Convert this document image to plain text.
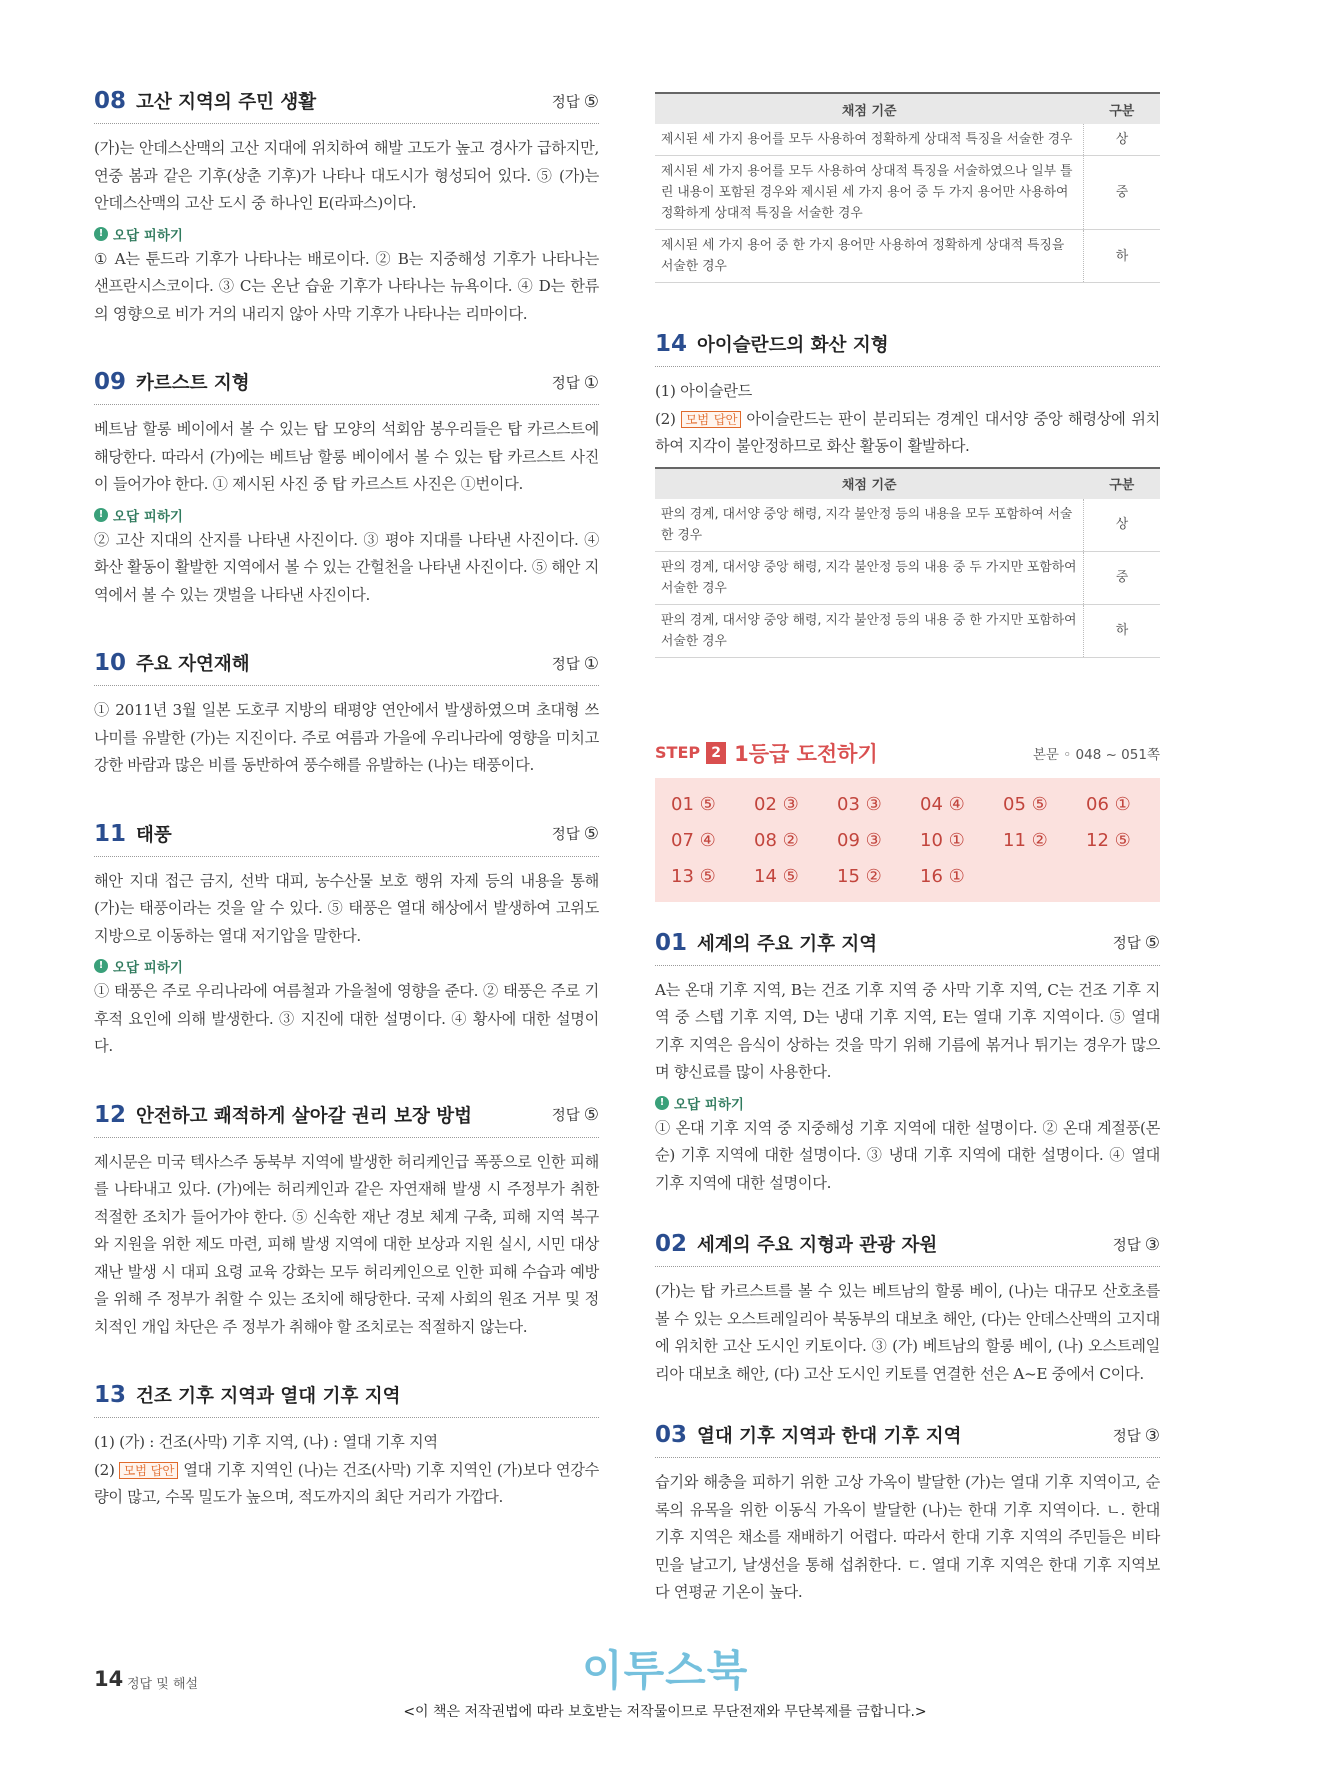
08 고산 지역의 주민 생활	정답 ⑤

(가)는 안데스산맥의 고산 지대에 위치하여 해발 고도가 높고 경사가 급하지만, 연중 봄과 같은 기후(상춘 기후)가 나타나 대도시가 형성되어 있다. ⑤ (가)는 안데스산맥의 고산 도시 중 하나인 E(라파스)이다.

! 오답 피하기

① A는 툰드라 기후가 나타나는 배로이다. ② B는 지중해성 기후가 나타나는 샌프란시스코이다. ③ C는 온난 습윤 기후가 나타나는 뉴욕이다. ④ D는 한류의 영향으로 비가 거의 내리지 않아 사막 기후가 나타나는 리마이다.

09 카르스트 지형	정답 ①

베트남 할롱 베이에서 볼 수 있는 탑 모양의 석회암 봉우리들은 탑 카르스트에 해당한다. 따라서 (가)에는 베트남 할롱 베이에서 볼 수 있는 탑 카르스트 사진이 들어가야 한다. ① 제시된 사진 중 탑 카르스트 사진은 ①번이다.

! 오답 피하기

② 고산 지대의 산지를 나타낸 사진이다. ③ 평야 지대를 나타낸 사진이다. ④ 화산 활동이 활발한 지역에서 볼 수 있는 간헐천을 나타낸 사진이다. ⑤ 해안 지역에서 볼 수 있는 갯벌을 나타낸 사진이다.

10 주요 자연재해	정답 ①

① 2011년 3월 일본 도호쿠 지방의 태평양 연안에서 발생하였으며 초대형 쓰나미를 유발한 (가)는 지진이다. 주로 여름과 가을에 우리나라에 영향을 미치고 강한 바람과 많은 비를 동반하여 풍수해를 유발하는 (나)는 태풍이다.

11 태풍	정답 ⑤

해안 지대 접근 금지, 선박 대피, 농수산물 보호 행위 자제 등의 내용을 통해 (가)는 태풍이라는 것을 알 수 있다. ⑤ 태풍은 열대 해상에서 발생하여 고위도 지방으로 이동하는 열대 저기압을 말한다.

! 오답 피하기

① 태풍은 주로 우리나라에 여름철과 가을철에 영향을 준다. ② 태풍은 주로 기후적 요인에 의해 발생한다. ③ 지진에 대한 설명이다. ④ 황사에 대한 설명이다.

12 안전하고 쾌적하게 살아갈 권리 보장 방법	정답 ⑤

제시문은 미국 텍사스주 동북부 지역에 발생한 허리케인급 폭풍으로 인한 피해를 나타내고 있다. (가)에는 허리케인과 같은 자연재해 발생 시 주정부가 취한 적절한 조치가 들어가야 한다. ⑤ 신속한 재난 경보 체계 구축, 피해 지역 복구와 지원을 위한 제도 마련, 피해 발생 지역에 대한 보상과 지원 실시, 시민 대상 재난 발생 시 대피 요령 교육 강화는 모두 허리케인으로 인한 피해 수습과 예방을 위해 주 정부가 취할 수 있는 조치에 해당한다. 국제 사회의 원조 거부 및 정치적인 개입 차단은 주 정부가 취해야 할 조치로는 적절하지 않는다.

13 건조 기후 지역과 열대 기후 지역

(1) (가) : 건조(사막) 기후 지역, (나) : 열대 기후 지역

(2) 모범 답안 열대 기후 지역인 (나)는 건조(사막) 기후 지역인 (가)보다 연강수량이 많고, 수목 밀도가 높으며, 적도까지의 최단 거리가 가깝다.

채점 기준	구분
제시된 세 가지 용어를 모두 사용하여 정확하게 상대적 특징을 서술한 경우	상
제시된 세 가지 용어를 모두 사용하여 상대적 특징을 서술하였으나 일부 틀린 내용이 포함된 경우와 제시된 세 가지 용어 중 두 가지 용어만 사용하여 정확하게 상대적 특징을 서술한 경우	중
제시된 세 가지 용어 중 한 가지 용어만 사용하여 정확하게 상대적 특징을 서술한 경우	하
14 아이슬란드의 화산 지형

(1) 아이슬란드

(2) 모범 답안 아이슬란드는 판이 분리되는 경계인 대서양 중앙 해령상에 위치하여 지각이 불안정하므로 화산 활동이 활발하다.

채점 기준	구분
판의 경계, 대서양 중앙 해령, 지각 불안정 등의 내용을 모두 포함하여 서술한 경우	상
판의 경계, 대서양 중앙 해령, 지각 불안정 등의 내용 중 두 가지만 포함하여 서술한 경우	중
판의 경계, 대서양 중앙 해령, 지각 불안정 등의 내용 중 한 가지만 포함하여 서술한 경우	하
STEP 2 1등급 도전하기	본문 ◦ 048 ~ 051쪽
01 ⑤	02 ③	03 ③	04 ④	05 ⑤	06 ①
07 ④	08 ②	09 ③	10 ①	11 ②	12 ⑤
13 ⑤	14 ⑤	15 ②	16 ①
01 세계의 주요 기후 지역	정답 ⑤

A는 온대 기후 지역, B는 건조 기후 지역 중 사막 기후 지역, C는 건조 기후 지역 중 스텝 기후 지역, D는 냉대 기후 지역, E는 열대 기후 지역이다. ⑤ 열대 기후 지역은 음식이 상하는 것을 막기 위해 기름에 볶거나 튀기는 경우가 많으며 향신료를 많이 사용한다.

! 오답 피하기

① 온대 기후 지역 중 지중해성 기후 지역에 대한 설명이다. ② 온대 계절풍(몬순) 기후 지역에 대한 설명이다. ③ 냉대 기후 지역에 대한 설명이다. ④ 열대 기후 지역에 대한 설명이다.

02 세계의 주요 지형과 관광 자원	정답 ③

(가)는 탑 카르스트를 볼 수 있는 베트남의 할롱 베이, (나)는 대규모 산호초를 볼 수 있는 오스트레일리아 북동부의 대보초 해안, (다)는 안데스산맥의 고지대에 위치한 고산 도시인 키토이다. ③ (가) 베트남의 할롱 베이, (나) 오스트레일리아 대보초 해안, (다) 고산 도시인 키토를 연결한 선은 A~E 중에서 C이다.

03 열대 기후 지역과 한대 기후 지역	정답 ③

습기와 해충을 피하기 위한 고상 가옥이 발달한 (가)는 열대 기후 지역이고, 순록의 유목을 위한 이동식 가옥이 발달한 (나)는 한대 기후 지역이다. ㄴ. 한대 기후 지역은 채소를 재배하기 어렵다. 따라서 한대 기후 지역의 주민들은 비타민을 날고기, 날생선을 통해 섭취한다. ㄷ. 열대 기후 지역은 한대 기후 지역보다 연평균 기온이 높다.

14 정답 및 해설	이투스북
<이 책은 저작권법에 따라 보호받는 저작물이므로 무단전재와 무단복제를 금합니다.>
